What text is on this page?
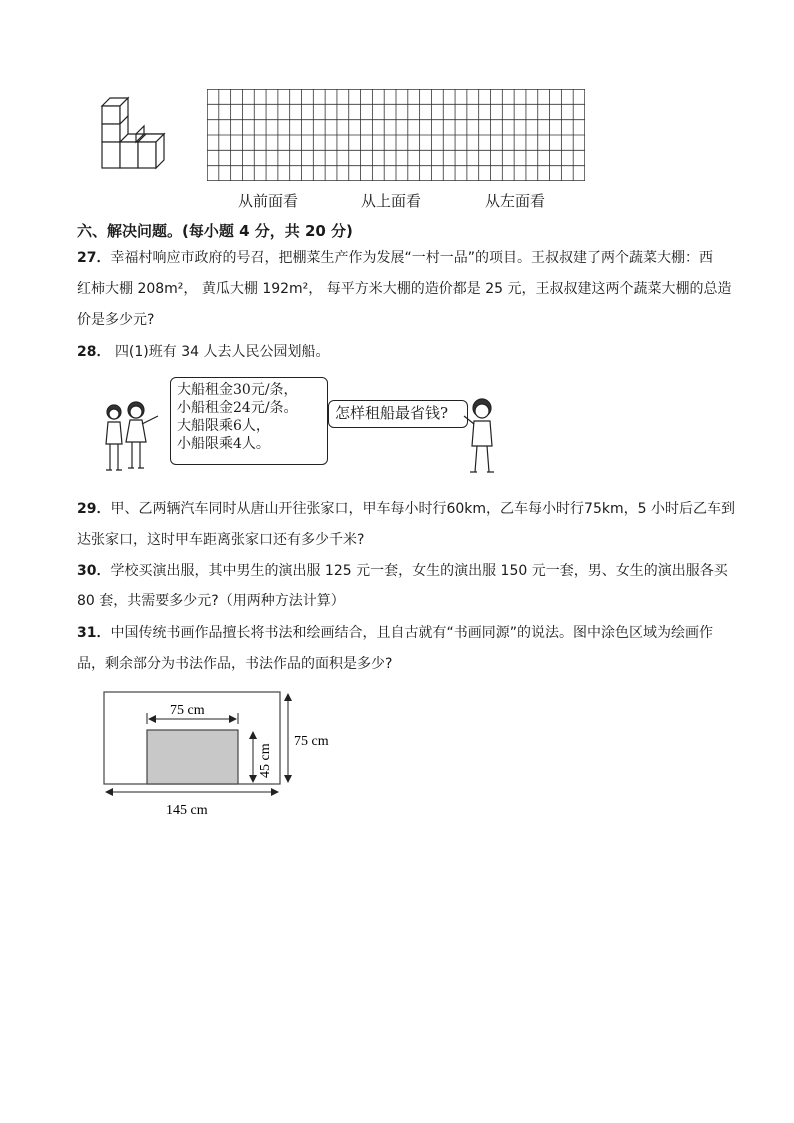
从前面看	从上面看	从左面看
六、解决问题。(每小题 4 分，共 20 分)
27．幸福村响应市政府的号召，把棚菜生产作为发展“一村一品”的项目。王叔叔建了两个蔬菜大棚：西
红柿大棚 208m²， 黄瓜大棚 192m²， 每平方米大棚的造价都是 25 元，王叔叔建这两个蔬菜大棚的总造
价是多少元?
28． 四(1)班有 34 人去人民公园划船。
大船租金30元/条，
小船租金24元/条。
大船限乘6人，
小船限乘4人。
怎样租船最省钱?
29．甲、乙两辆汽车同时从唐山开往张家口，甲车每小时行60km，乙车每小时行75km，5 小时后乙车到
达张家口，这时甲车距离张家口还有多少千米?
30．学校买演出服，其中男生的演出服 125 元一套，女生的演出服 150 元一套，男、女生的演出服各买
80 套，共需要多少元?（用两种方法计算）
31．中国传统书画作品擅长将书法和绘画结合，且自古就有“书画同源”的说法。图中涂色区域为绘画作
品，剩余部分为书法作品，书法作品的面积是多少?
75 cm
45 cm
75 cm
145 cm
